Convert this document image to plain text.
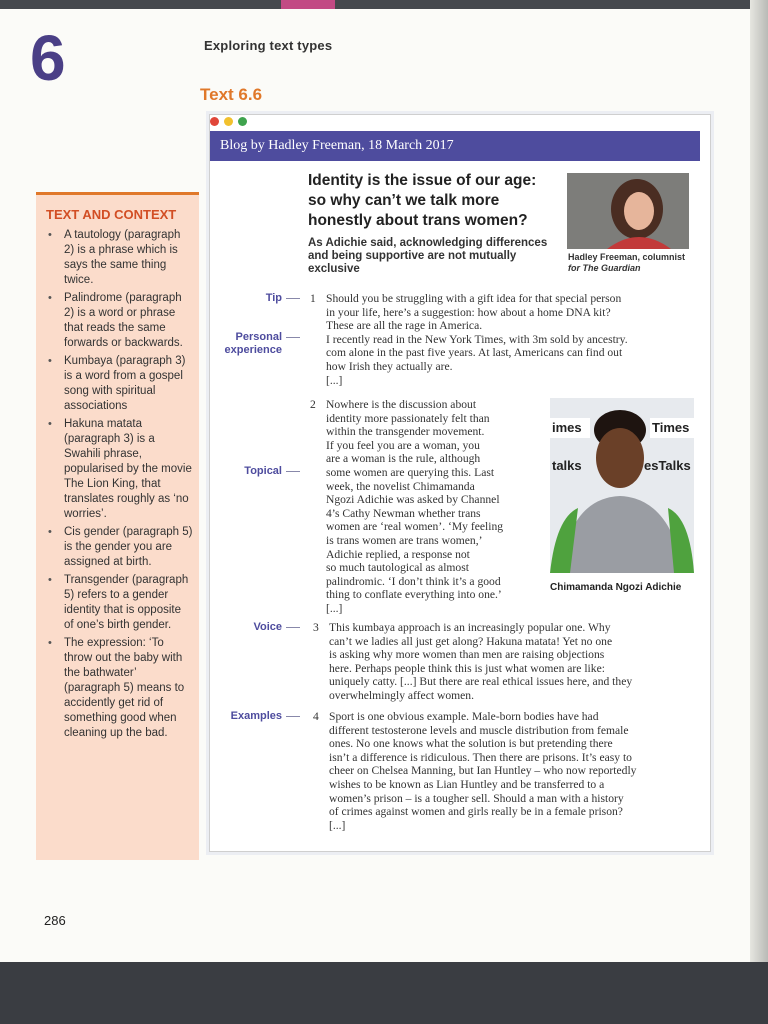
6	Exploring text types
Text 6.6
TEXT AND CONTEXT
• A tautology (paragraph 2) is a phrase which is says the same thing twice.
• Palindrome (paragraph 2) is a word or phrase that reads the same forwards or backwards.
• Kumbaya (paragraph 3) is a word from a gospel song with spiritual associations
• Hakuna matata (paragraph 3) is a Swahili phrase, popularised by the movie The Lion King, that translates roughly as ‘no worries’.
• Cis gender (paragraph 5) is the gender you are assigned at birth.
• Transgender (paragraph 5) refers to a gender identity that is opposite of one’s birth gender.
• The expression: ‘To throw out the baby with the bathwater’ (paragraph 5) means to accidently get rid of something good when cleaning up the bad.
Blog by Hadley Freeman, 18 March 2017
Identity is the issue of our age: so why can’t we talk more honestly about trans women?
As Adichie said, acknowledging differences and being supportive are not mutually exclusive
Hadley Freeman, columnist
for The Guardian
imes	Times
talks	esTalks
Chimamanda Ngozi Adichie
Tip
Personal
experience
Topical
Voice
Examples
1 Should you be struggling with a gift idea for that special person
in your life, here’s a suggestion: how about a home DNA kit?
These are all the rage in America.
I recently read in the New York Times, with 3m sold by ancestry.
com alone in the past five years. At last, Americans can find out
how Irish they actually are.
[...]
2 Nowhere is the discussion about
identity more passionately felt than
within the transgender movement.
If you feel you are a woman, you
are a woman is the rule, although
some women are querying this. Last
week, the novelist Chimamanda
Ngozi Adichie was asked by Channel
4’s Cathy Newman whether trans
women are ‘real women’. ‘My feeling
is trans women are trans women,’
Adichie replied, a response not
so much tautological as almost
palindromic. ‘I don’t think it’s a good
thing to conflate everything into one.’
[...]
3 This kumbaya approach is an increasingly popular one. Why
can’t we ladies all just get along? Hakuna matata! Yet no one
is asking why more women than men are raising objections
here. Perhaps people think this is just what women are like:
uniquely catty. [...] But there are real ethical issues here, and they
overwhelmingly affect women.
4 Sport is one obvious example. Male-born bodies have had
different testosterone levels and muscle distribution from female
ones. No one knows what the solution is but pretending there
isn’t a difference is ridiculous. Then there are prisons. It’s easy to
cheer on Chelsea Manning, but Ian Huntley – who now reportedly
wishes to be known as Lian Huntley and be transferred to a
women’s prison – is a tougher sell. Should a man with a history
of crimes against women and girls really be in a female prison?
[...]
286
